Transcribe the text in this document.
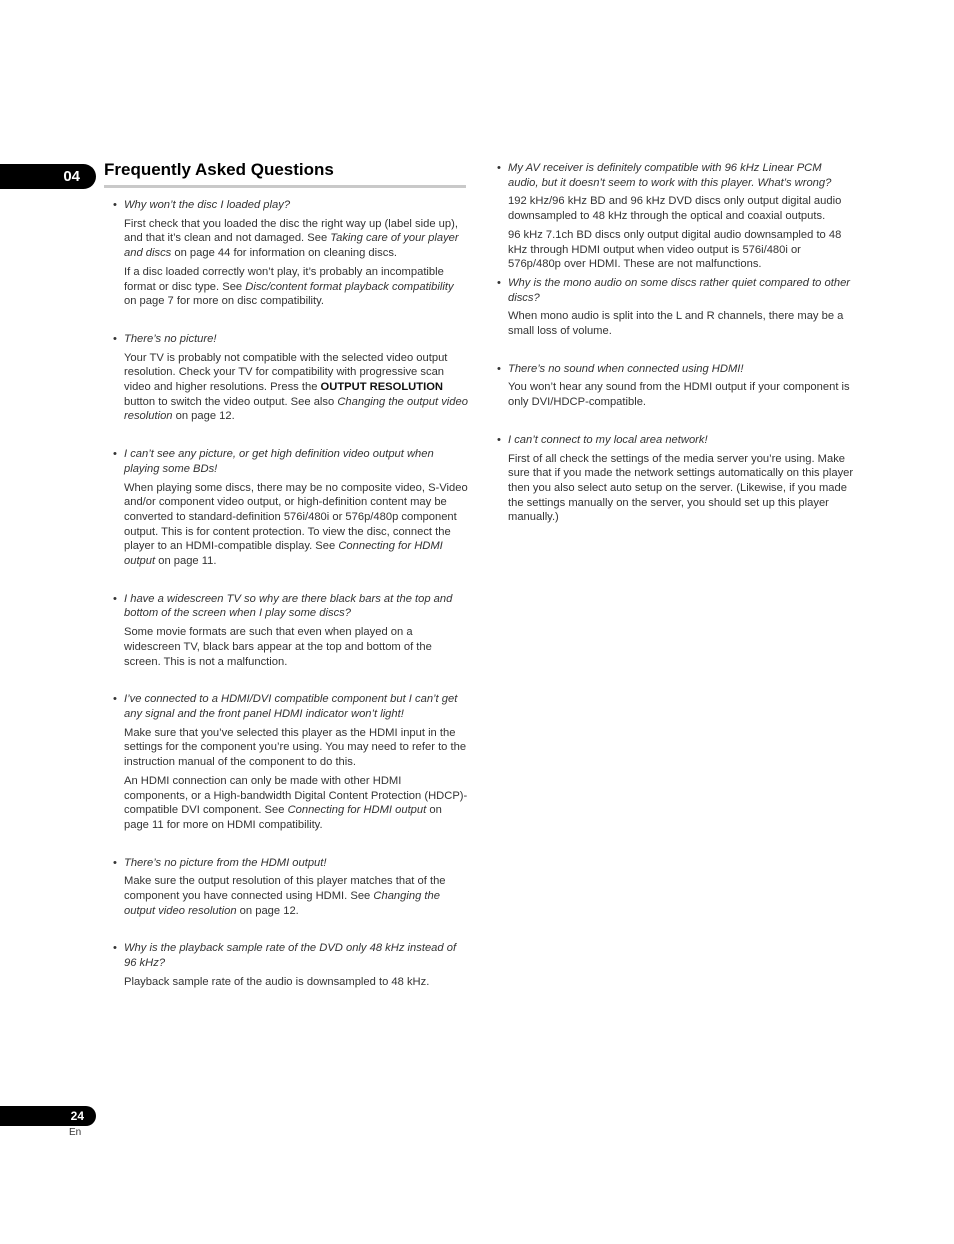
04	Frequently Asked Questions
• Why won’t the disc I loaded play?

First check that you loaded the disc the right way up (label side up), and that it’s clean and not damaged. See Taking care of your player and discs on page 44 for information on cleaning discs.

If a disc loaded correctly won’t play, it’s probably an incompatible format or disc type. See Disc/content format playback compatibility on page 7 for more on disc compatibility.

• There’s no picture!

Your TV is probably not compatible with the selected video output resolution. Check your TV for compatibility with progressive scan video and higher resolutions. Press the OUTPUT RESOLUTION button to switch the video output. See also Changing the output video resolution on page 12.

• I can’t see any picture, or get high definition video output when playing some BDs!

When playing some discs, there may be no composite video, S-Video and/or component video output, or high-definition content may be converted to standard-definition 576i/480i or 576p/480p component output. This is for content protection. To view the disc, connect the player to an HDMI-compatible display. See Connecting for HDMI output on page 11.

• I have a widescreen TV so why are there black bars at the top and bottom of the screen when I play some discs?

Some movie formats are such that even when played on a widescreen TV, black bars appear at the top and bottom of the screen. This is not a malfunction.

• I’ve connected to a HDMI/DVI compatible component but I can’t get any signal and the front panel HDMI indicator won’t light!

Make sure that you’ve selected this player as the HDMI input in the settings for the component you’re using. You may need to refer to the instruction manual of the component to do this.

An HDMI connection can only be made with other HDMI components, or a High-bandwidth Digital Content Protection (HDCP)-compatible DVI component. See Connecting for HDMI output on page 11 for more on HDMI compatibility.

• There’s no picture from the HDMI output!

Make sure the output resolution of this player matches that of the component you have connected using HDMI. See Changing the output video resolution on page 12.

• Why is the playback sample rate of the DVD only 48 kHz instead of 96 kHz?

Playback sample rate of the audio is downsampled to 48 kHz.

• My AV receiver is definitely compatible with 96 kHz Linear PCM audio, but it doesn’t seem to work with this player. What’s wrong?

192 kHz/96 kHz BD and 96 kHz DVD discs only output digital audio downsampled to 48 kHz through the optical and coaxial outputs.

96 kHz 7.1ch BD discs only output digital audio downsampled to 48 kHz through HDMI output when video output is 576i/480i or 576p/480p over HDMI. These are not malfunctions.

• Why is the mono audio on some discs rather quiet compared to other discs?

When mono audio is split into the L and R channels, there may be a small loss of volume.

• There’s no sound when connected using HDMI!

You won’t hear any sound from the HDMI output if your component is only DVI/HDCP-compatible.

• I can’t connect to my local area network!

First of all check the settings of the media server you’re using. Make sure that if you made the network settings automatically on this player then you also select auto setup on the server. (Likewise, if you made the settings manually on the server, you should set up this player manually.)

24
En
